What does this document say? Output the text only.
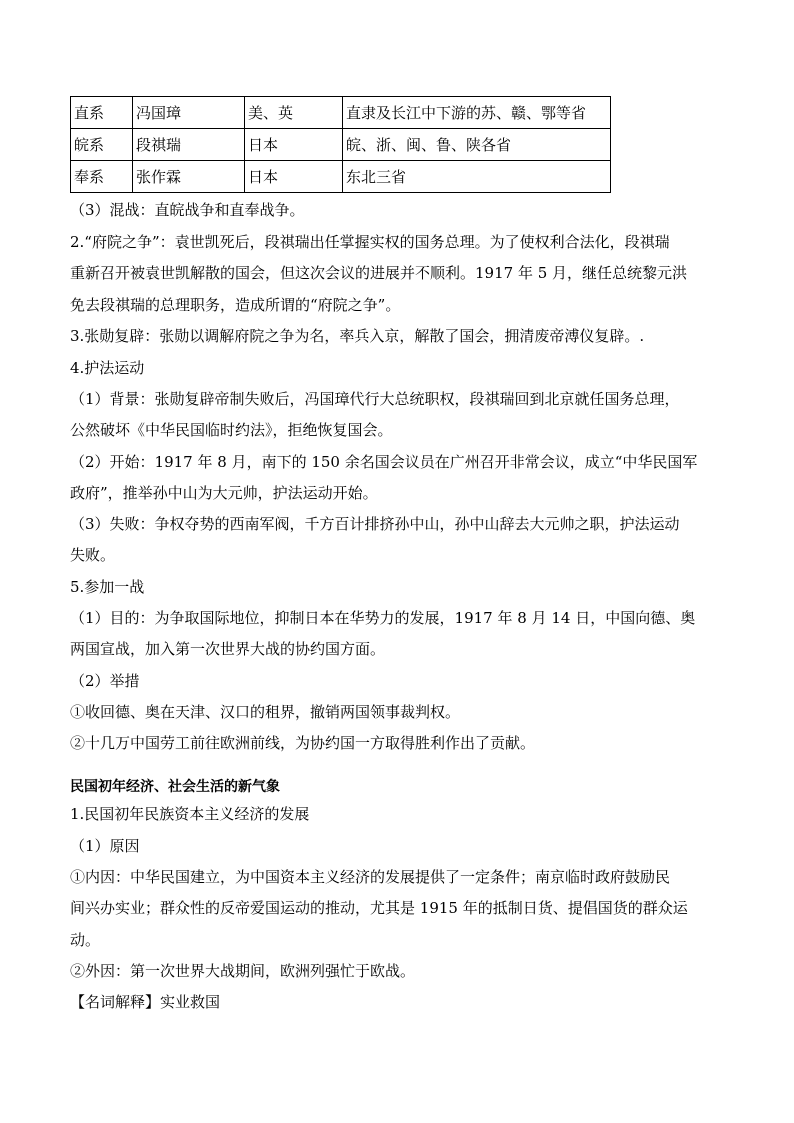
直系	冯国璋	美、英	直隶及长江中下游的苏、赣、鄂等省
皖系	段祺瑞	日本	皖、浙、闽、鲁、陕各省
奉系	张作霖	日本	东北三省
（3）混战：直皖战争和直奉战争。
2.“府院之争”：袁世凯死后，段祺瑞出任掌握实权的国务总理。为了使权利合法化，段祺瑞
重新召开被袁世凯解散的国会，但这次会议的进展并不顺利。1917 年 5 月，继任总统黎元洪
免去段祺瑞的总理职务，造成所谓的“府院之争”。
3.张勋复辟：张勋以调解府院之争为名，率兵入京，解散了国会，拥清废帝溥仪复辟。.
4.护法运动
（1）背景：张勋复辟帝制失败后，冯国璋代行大总统职权，段祺瑞回到北京就任国务总理，
公然破坏《中华民国临时约法》，拒绝恢复国会。
（2）开始：1917 年 8 月，南下的 150 余名国会议员在广州召开非常会议，成立“中华民国军
政府”，推举孙中山为大元帅，护法运动开始。
（3）失败：争权夺势的西南军阀，千方百计排挤孙中山，孙中山辞去大元帅之职，护法运动
失败。
5.参加一战
（1）目的：为争取国际地位，抑制日本在华势力的发展，1917 年 8 月 14 日，中国向德、奥
两国宣战，加入第一次世界大战的协约国方面。
（2）举措
①收回德、奥在天津、汉口的租界，撤销两国领事裁判权。
②十几万中国劳工前往欧洲前线，为协约国一方取得胜利作出了贡献。
民国初年经济、社会生活的新气象
1.民国初年民族资本主义经济的发展
（1）原因
①内因：中华民国建立，为中国资本主义经济的发展提供了一定条件；南京临时政府鼓励民
间兴办实业；群众性的反帝爱国运动的推动，尤其是 1915 年的抵制日货、提倡国货的群众运
动。
②外因：第一次世界大战期间，欧洲列强忙于欧战。
【名词解释】实业救国
